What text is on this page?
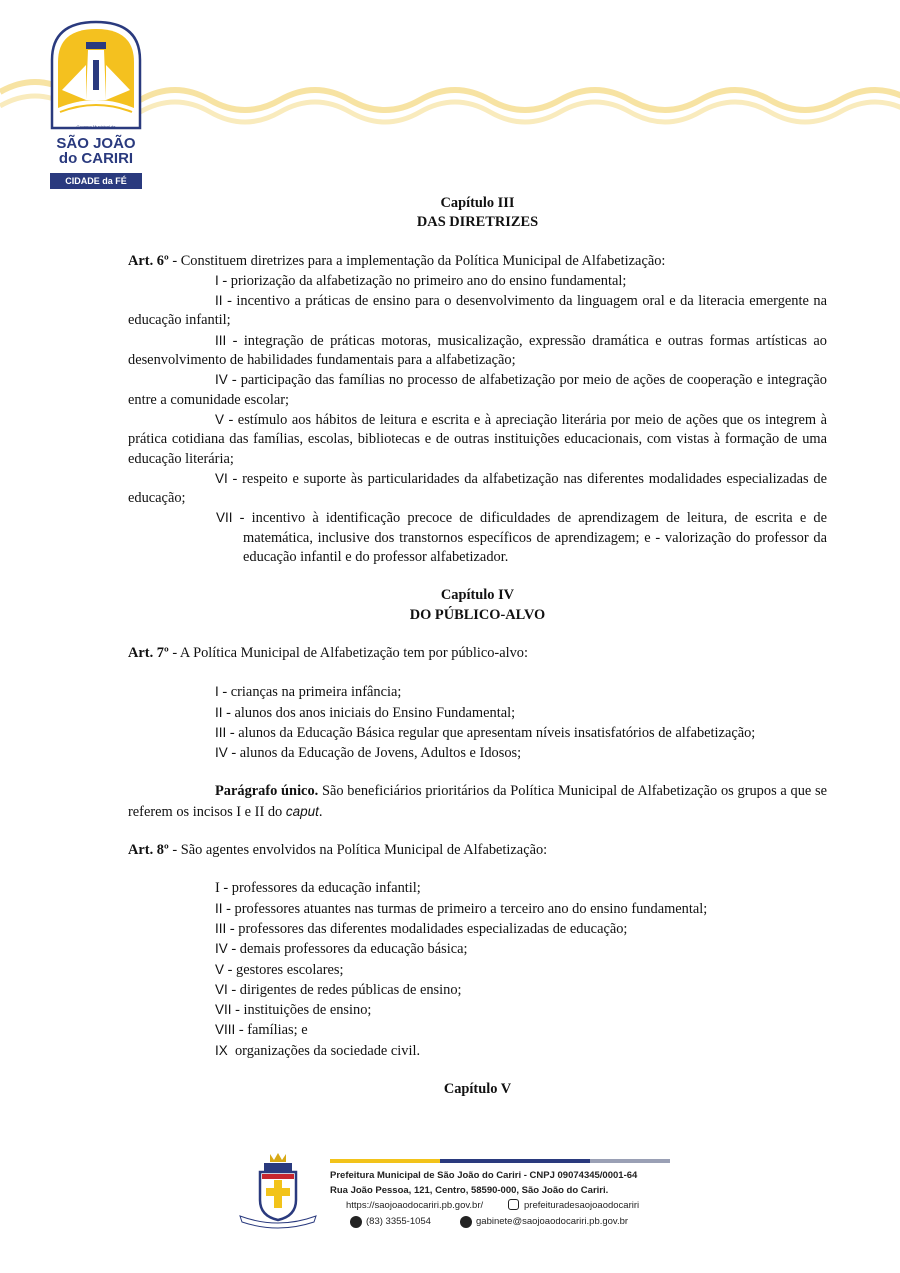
Governo Municipal de
SÃO JOÃO
do CARIRI
CIDADE da FÉ
Capítulo III
DAS DIRETRIZES

Art. 6º - Constituem diretrizes para a implementação da Política Municipal de Alfabetização:

I - priorização da alfabetização no primeiro ano do ensino fundamental;

II - incentivo a práticas de ensino para o desenvolvimento da linguagem oral e da literacia emergente na educação infantil;

III - integração de práticas motoras, musicalização, expressão dramática e outras formas artísticas ao desenvolvimento de habilidades fundamentais para a alfabetização;

IV - participação das famílias no processo de alfabetização por meio de ações de cooperação e integração entre a comunidade escolar;

V - estímulo aos hábitos de leitura e escrita e à apreciação literária por meio de ações que os integrem à prática cotidiana das famílias, escolas, bibliotecas e de outras instituições educacionais, com vistas à formação de uma educação literária;

VI - respeito e suporte às particularidades da alfabetização nas diferentes modalidades especializadas de educação;

VII - incentivo à identificação precoce de dificuldades de aprendizagem de leitura, de escrita e de matemática, inclusive dos transtornos específicos de aprendizagem; e - valorização do professor da educação infantil e do professor alfabetizador.

Capítulo IV
DO PÚBLICO-ALVO

Art. 7º - A Política Municipal de Alfabetização tem por público-alvo:

I - crianças na primeira infância;

II - alunos dos anos iniciais do Ensino Fundamental;

III - alunos da Educação Básica regular que apresentam níveis insatisfatórios de alfabetização;

IV - alunos da Educação de Jovens, Adultos e Idosos;

Parágrafo único. São beneficiários prioritários da Política Municipal de Alfabetização os grupos a que se referem os incisos I e II do caput.

Art. 8º - São agentes envolvidos na Política Municipal de Alfabetização:

I - professores da educação infantil;

II - professores atuantes nas turmas de primeiro a terceiro ano do ensino fundamental;

III - professores das diferentes modalidades especializadas de educação;

IV - demais professores da educação básica;

V - gestores escolares;

VI - dirigentes de redes públicas de ensino;

VII - instituições de ensino;

VIII - famílias; e

IX  organizações da sociedade civil.

Capítulo V
Prefeitura Municipal de São João do Cariri - CNPJ 09074345/0001-64
Rua João Pessoa, 121, Centro, 58590-000, São João do Cariri.
https://saojoaodocariri.pb.gov.br/	prefeituradesaojoaodocariri
(83) 3355-1054	gabinete@saojoaodocariri.pb.gov.br
